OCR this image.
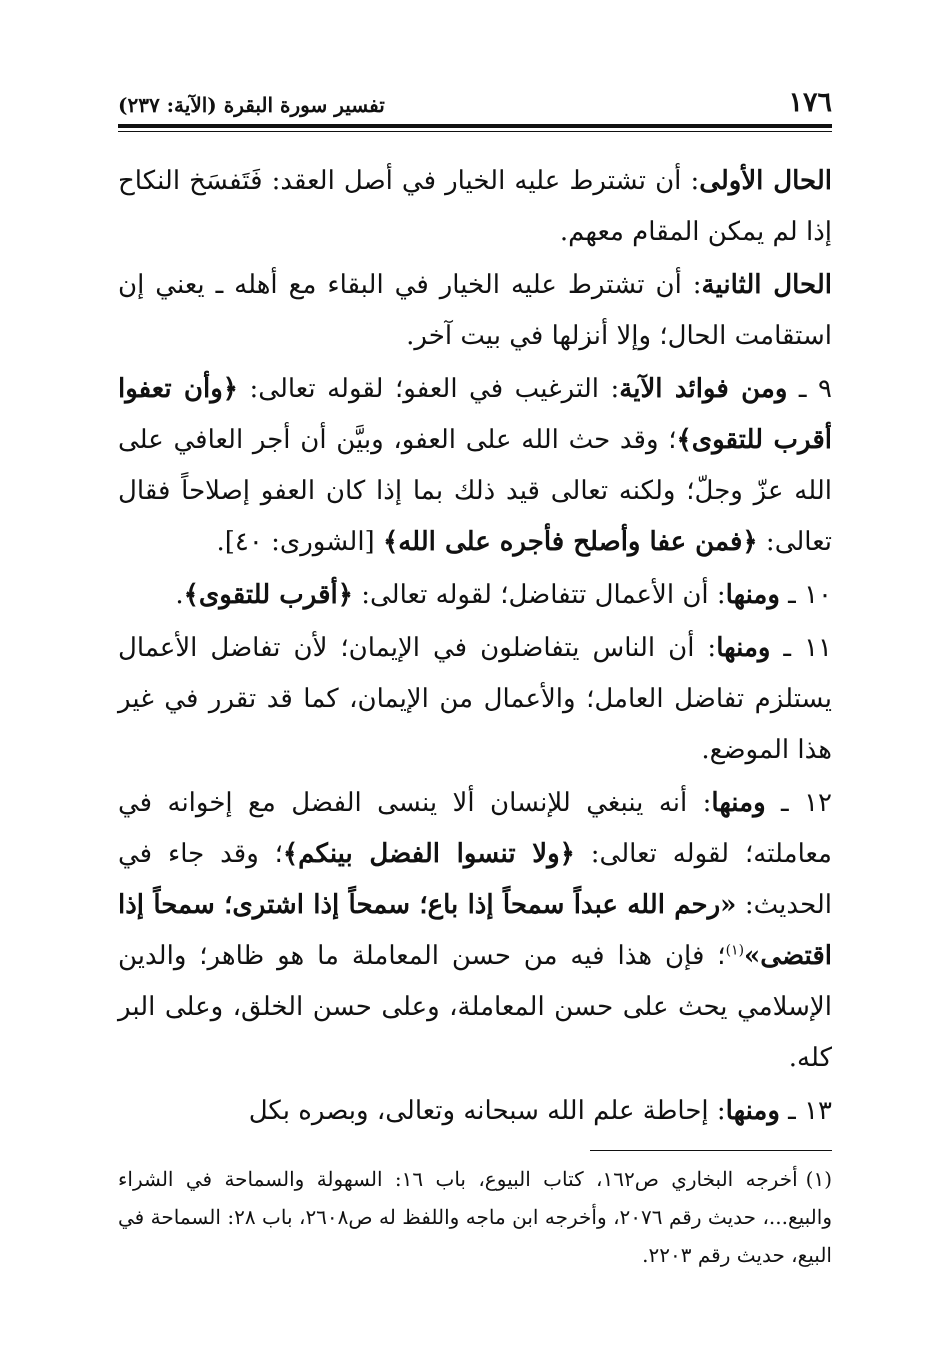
١٧٦
تفسير سورة البقرة (الآية: ٢٣٧)

الحال الأولى: أن تشترط عليه الخيار في أصل العقد: فَتَفسَخ النكاح إذا لم يمكن المقام معهم.

الحال الثانية: أن تشترط عليه الخيار في البقاء مع أهله ـ يعني إن استقامت الحال؛ وإلا أنزلها في بيت آخر.

٩ ـ ومن فوائد الآية: الترغيب في العفو؛ لقوله تعالى: ﴿وأن تعفوا أقرب للتقوى﴾؛ وقد حث الله على العفو، وبيَّن أن أجر العافي على الله عزّ وجلّ؛ ولكنه تعالى قيد ذلك بما إذا كان العفو إصلاحاً فقال تعالى: ﴿فمن عفا وأصلح فأجره على الله﴾ [الشورى: ٤٠].

١٠ ـ ومنها: أن الأعمال تتفاضل؛ لقوله تعالى: ﴿أقرب للتقوى﴾.

١١ ـ ومنها: أن الناس يتفاضلون في الإيمان؛ لأن تفاضل الأعمال يستلزم تفاضل العامل؛ والأعمال من الإيمان، كما قد تقرر في غير هذا الموضع.

١٢ ـ ومنها: أنه ينبغي للإنسان ألا ينسى الفضل مع إخوانه في معاملته؛ لقوله تعالى: ﴿ولا تنسوا الفضل بينكم﴾؛ وقد جاء في الحديث: «رحم الله عبداً سمحاً إذا باع؛ سمحاً إذا اشترى؛ سمحاً إذا اقتضى»$^{(١)}$؛ فإن هذا فيه من حسن المعاملة ما هو ظاهر؛ والدين الإسلامي يحث على حسن المعاملة، وعلى حسن الخلق، وعلى البر كله.

١٣ ـ ومنها: إحاطة علم الله سبحانه وتعالى، وبصره بكل

(١)أخرجه البخاري ص١٦٢، كتاب البيوع، باب ١٦: السهولة والسماحة في الشراء والبيع...، حديث رقم ٢٠٧٦، وأخرجه ابن ماجه واللفظ له ص٢٦٠٨، باب ٢٨: السماحة في البيع، حديث رقم ٢٢٠٣.
